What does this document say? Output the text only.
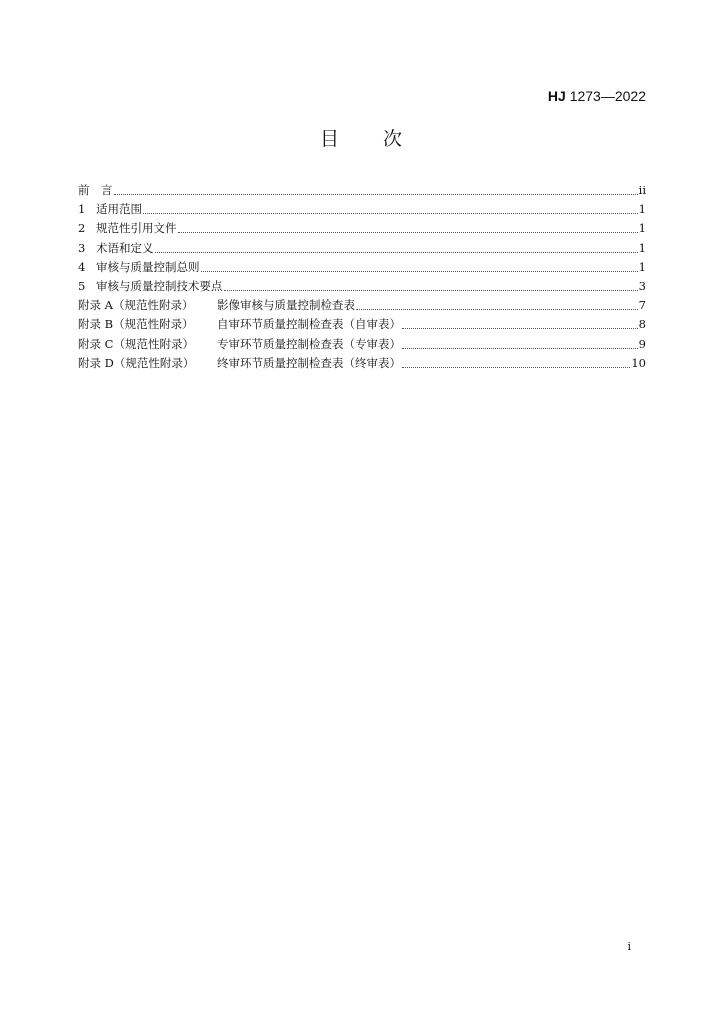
HJ 1273—2022
目　　次
前　言	ii
1 适用范围	1
2 规范性引用文件	1
3 术语和定义	1
4 审核与质量控制总则	1
5 审核与质量控制技术要点	3
附录 A（规范性附录）	影像审核与质量控制检查表	7
附录 B（规范性附录）	自审环节质量控制检查表（自审表）	8
附录 C（规范性附录）	专审环节质量控制检查表（专审表）	9
附录 D（规范性附录）	终审环节质量控制检查表（终审表）	10
i
